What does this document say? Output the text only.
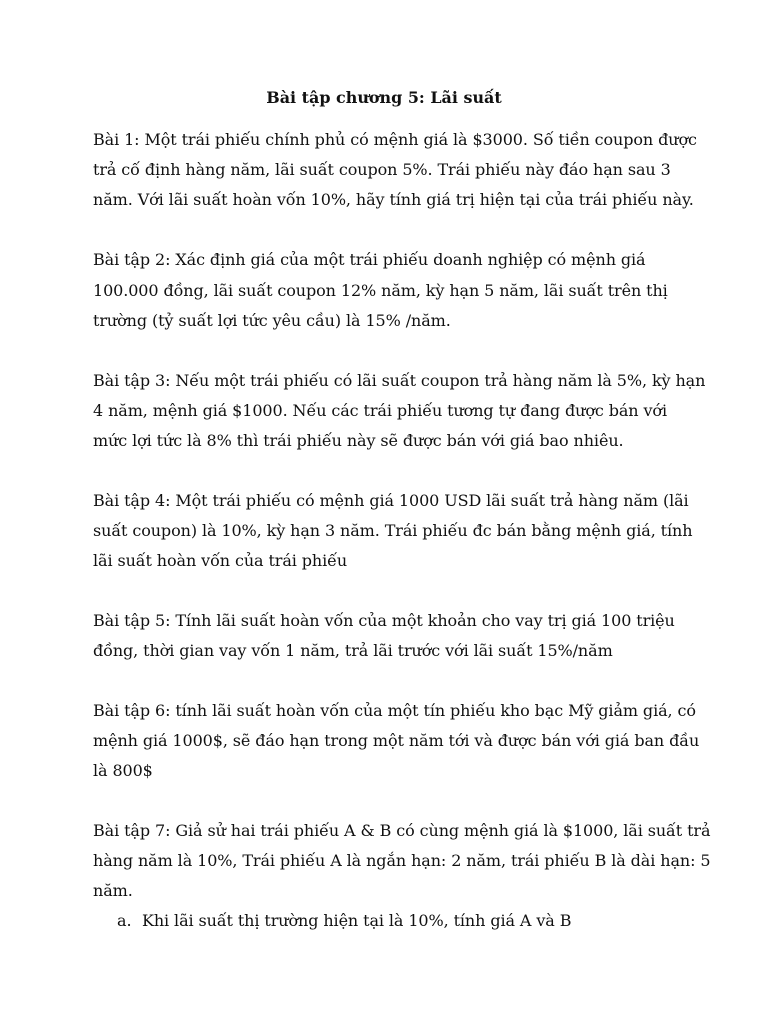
Bài tập chương 5: Lãi suất
Bài 1: Một trái phiếu chính phủ có mệnh giá là $3000. Số tiền coupon được
trả cố định hàng năm, lãi suất coupon 5%. Trái phiếu này đáo hạn sau 3
năm. Với lãi suất hoàn vốn 10%, hãy tính giá trị hiện tại của trái phiếu này.
Bài tập 2: Xác định giá của một trái phiếu doanh nghiệp có mệnh giá
100.000 đồng, lãi suất coupon 12% năm, kỳ hạn 5 năm, lãi suất trên thị
trường (tỷ suất lợi tức yêu cầu) là 15% /năm.
Bài tập 3: Nếu một trái phiếu có lãi suất coupon trả hàng năm là 5%, kỳ hạn
4 năm, mệnh giá $1000. Nếu các trái phiếu tương tự đang được bán với
mức lợi tức là 8% thì trái phiếu này sẽ được bán với giá bao nhiêu.
Bài tập 4: Một trái phiếu có mệnh giá 1000 USD lãi suất trả hàng năm (lãi
suất coupon) là 10%, kỳ hạn 3 năm. Trái phiếu đc bán bằng mệnh giá, tính
lãi suất hoàn vốn của trái phiếu
Bài tập 5: Tính lãi suất hoàn vốn của một khoản cho vay trị giá 100 triệu
đồng, thời gian vay vốn 1 năm, trả lãi trước với lãi suất 15%/năm
Bài tập 6: tính lãi suất hoàn vốn của một tín phiếu kho bạc Mỹ giảm giá, có
mệnh giá 1000$, sẽ đáo hạn trong một năm tới và được bán với giá ban đầu
là 800$
Bài tập 7: Giả sử hai trái phiếu A & B có cùng mệnh giá là $1000, lãi suất trả
hàng năm là 10%, Trái phiếu A là ngắn hạn: 2 năm, trái phiếu B là dài hạn: 5
năm.
a. Khi lãi suất thị trường hiện tại là 10%, tính giá A và B
